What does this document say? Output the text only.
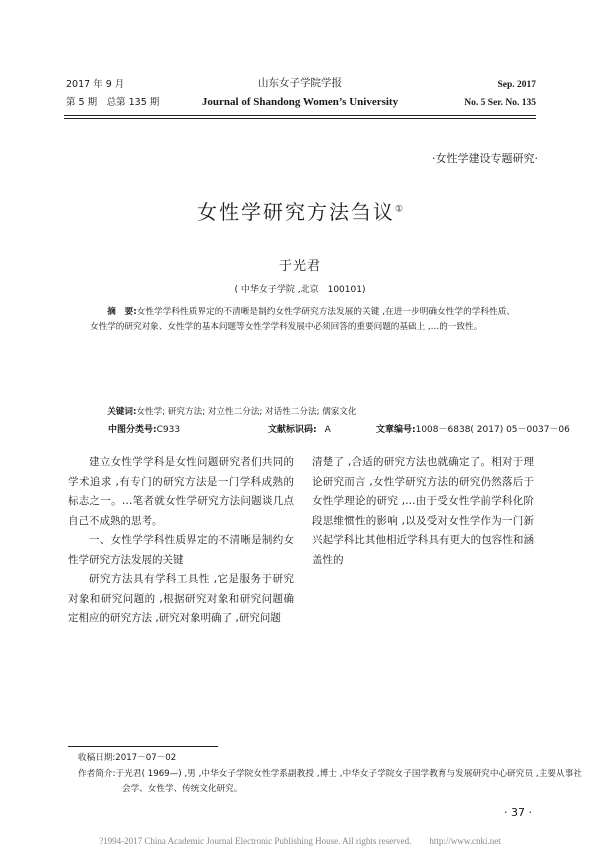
2017 年 9 月
第 5 期　总第 135 期
山东女子学院学报
Journal of Shandong Women’s University
Sep. 2017
No. 5 Ser. No. 135
·女性学建设专题研究·
女性学研究方法刍议①
于光君
( 中华女子学院 ,北京　100101)
摘　要:女性学学科性质界定的不清晰是制约女性学研究方法发展的关键 ,在进一步明确女性学的学科性质、女性学的研究对象、女性学的基本问题等女性学学科发展中必须回答的重要问题的基础上 ,…的一致性。
关键词:女性学; 研究方法; 对立性二分法; 对话性二分法; 儒家文化
中图分类号:C933	文献标识码: A	文章编号:1008－6838( 2017) 05－0037－06

建立女性学学科是女性问题研究者们共同的学术追求 ,有专门的研究方法是一门学科成熟的标志之一。…笔者就女性学研究方法问题谈几点自己不成熟的思考。

一、女性学学科性质界定的不清晰是制约女性学研究方法发展的关键

研究方法具有学科工具性 ,它是服务于研究对象和研究问题的 ,根据研究对象和研究问题确定相应的研究方法 ,研究对象明确了 ,研究问题

清楚了 ,合适的研究方法也就确定了。相对于理论研究而言 ,女性学研究方法的研究仍然落后于女性学理论的研究 ,…由于受女性学前学科化阶段思维惯性的影响 ,以及受对女性学作为一门新兴起学科比其他相近学科具有更大的包容性和涵盖性的

收稿日期:2017－07－02
作者简介:于光君( 1969—) ,男 ,中华女子学院女性学系副教授 ,博士 ,中华女子学院女子国学教育与发展研究中心研究员 ,主要从事社会学、女性学、传统文化研究。
· 37 ·
?1994-2017 China Academic Journal Electronic Publishing House. All rights reserved.　　http://www.cnki.net
